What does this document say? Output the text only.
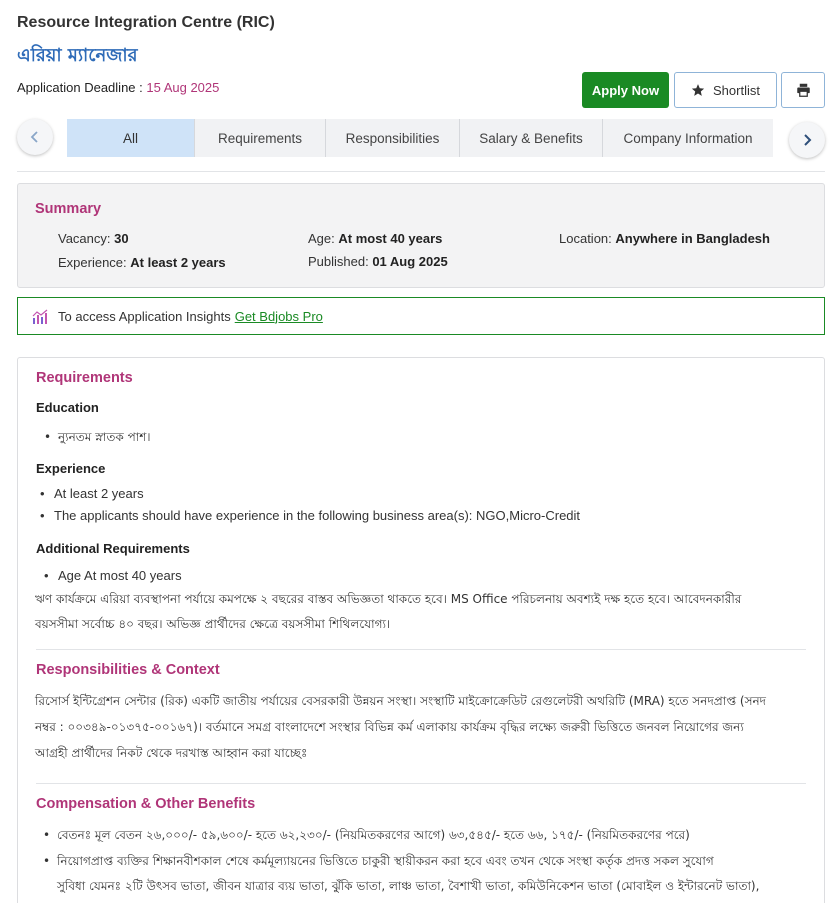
Resource Integration Centre (RIC)
এরিয়া ম্যানেজার
Application Deadline : 15 Aug 2025	Apply Now	Shortlist
All	Requirements	Responsibilities	Salary & Benefits	Company Information
Summary
Vacancy: 30	Age: At most 40 years	Location: Anywhere in Bangladesh
Experience: At least 2 years	Published: 01 Aug 2025
To access Application Insights Get Bdjobs Pro
Requirements
Education
• ন্যুনতম স্নাতক পাশ।
Experience
• At least 2 years
• The applicants should have experience in the following business area(s): NGO,Micro-Credit
Additional Requirements
• Age At most 40 years
ঋণ কার্যক্রমে এরিয়া ব্যবস্থাপনা পর্যায়ে কমপক্ষে ২ বছরের বাস্তব অভিজ্ঞতা থাকতে হবে। MS Office পরিচলনায় অবশ্যই দক্ষ হতে হবে। আবেদনকারীর
বয়সসীমা সর্বোচ্চ ৪০ বছর। অভিজ্ঞ প্রার্থীদের ক্ষেত্রে বয়সসীমা শিথিলযোগ্য।
Responsibilities & Context
রিসোর্স ইন্টিগ্রেশন সেন্টার (রিক) একটি জাতীয় পর্যায়ের বেসরকারী উন্নয়ন সংস্থা। সংস্থাটি মাইক্রোক্রেডিট রেগুলেটরী অথরিটি (MRA) হতে সনদপ্রাপ্ত (সনদ
নম্বর : ০০৩৪৯-০১৩৭৫-০০১৬৭)। বর্তমানে সমগ্র বাংলাদেশে সংস্থার বিভিন্ন কর্ম এলাকায় কার্যক্রম বৃদ্ধির লক্ষ্যে জরুরী ভিত্তিতে জনবল নিয়োগের জন্য
আগ্রহী প্রার্থীদের নিকট থেকে দরখাস্ত আহ্বান করা যাচ্ছেঃ
Compensation & Other Benefits
• বেতনঃ মূল বেতন ২৬,০০০/- ৫৯,৬০০/- হতে ৬২,২৩০/- (নিয়মিতকরণের আগে) ৬৩,৫৪৫/- হতে ৬৬, ১৭৫/- (নিয়মিতকরণের পরে)
• নিয়োগপ্রাপ্ত ব্যক্তির শিক্ষানবীশকাল শেষে কর্মমূল্যায়নের ভিত্তিতে চাকুরী স্থায়ীকরন করা হবে এবং তখন থেকে সংস্থা কর্তৃক প্রদত্ত সকল সুযোগ
সুবিধা যেমনঃ ২টি উৎসব ভাতা, জীবন যাত্রার ব্যয় ভাতা, ঝুঁকি ভাতা, লাঞ্চ ভাতা, বৈশাখী ভাতা, কমিউনিকেশন ভাতা (মোবাইল ও ইন্টারনেট ভাতা),
